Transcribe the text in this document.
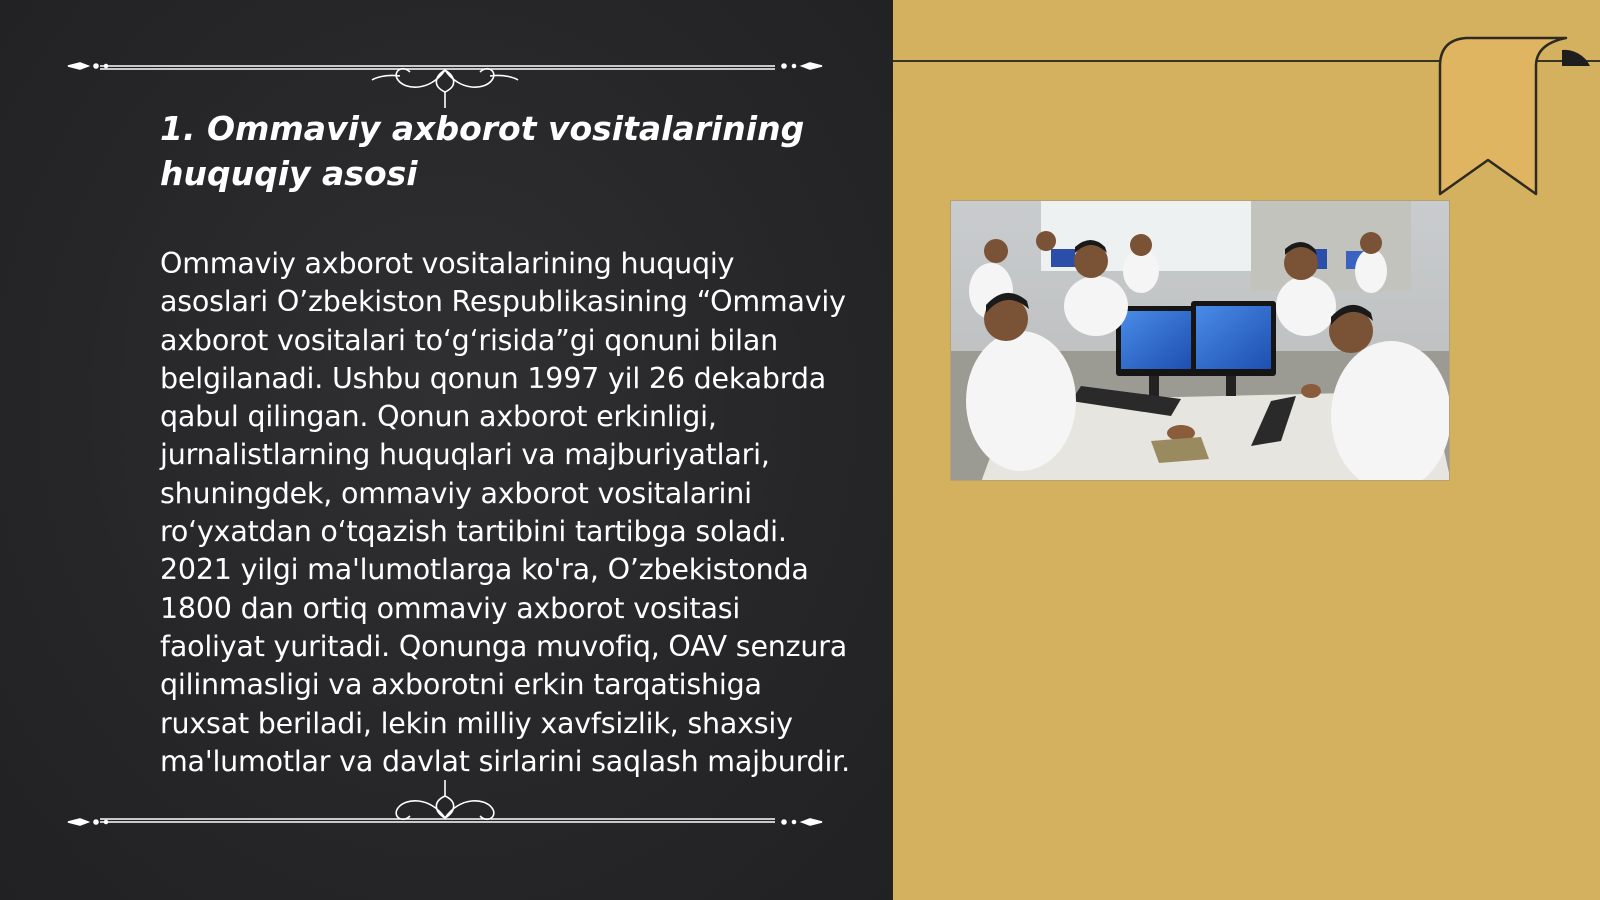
1. Ommaviy axborot vositalarining huquqiy asosi
Ommaviy axborot vositalarining huquqiy asoslari O’zbekiston Respublikasining “Ommaviy axborot vositalari to‘g‘risida”gi qonuni bilan belgilanadi. Ushbu qonun 1997 yil 26 dekabrda qabul qilingan. Qonun axborot erkinligi, jurnalistlarning huquqlari va majburiyatlari, shuningdek, ommaviy axborot vositalarini ro‘yxatdan o‘tqazish tartibini tartibga soladi. 2021 yilgi ma'lumotlarga ko'ra, O’zbekistonda 1800 dan ortiq ommaviy axborot vositasi faoliyat yuritadi. Qonunga muvofiq, OAV senzura qilinmasligi va axborotni erkin tarqatishiga ruxsat beriladi, lekin milliy xavfsizlik, shaxsiy ma'lumotlar va davlat sirlarini saqlash majburdir.
